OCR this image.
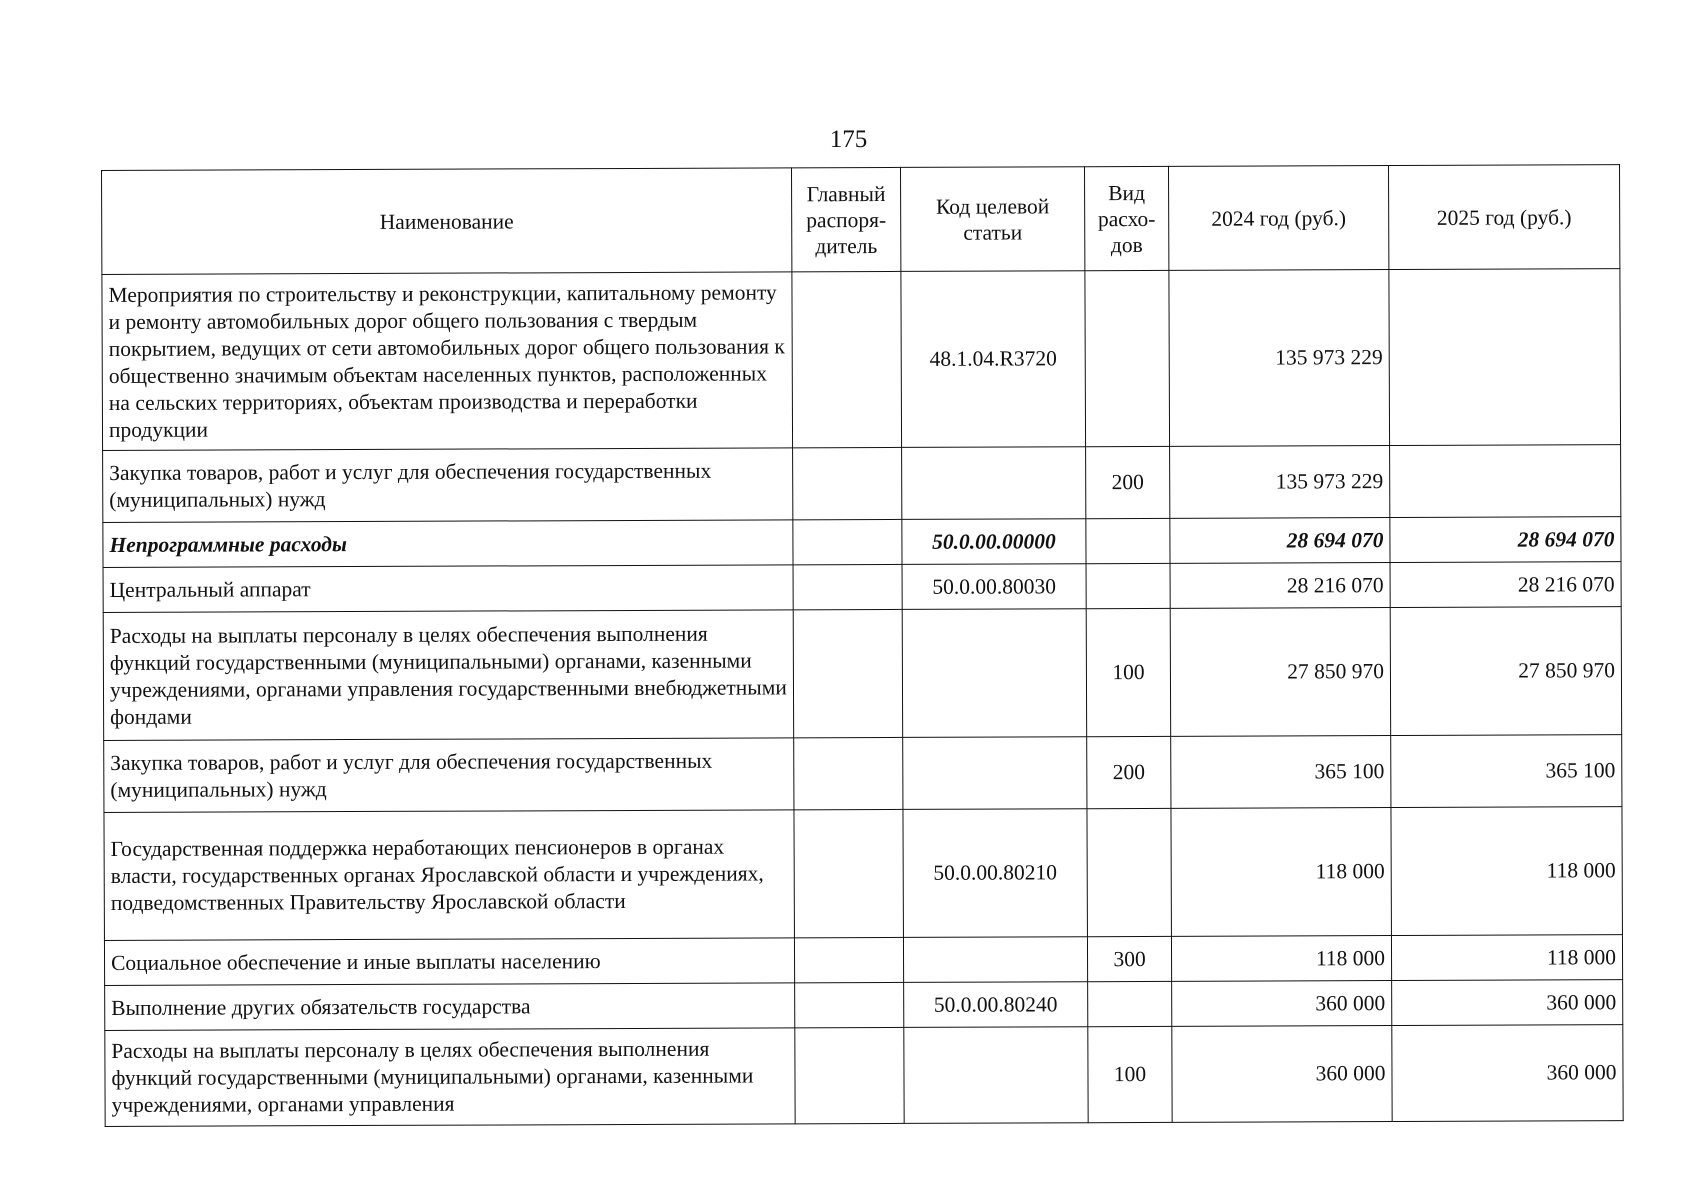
175
Наименование	Главный распоря-дитель	Код целевой статьи	Вид расхо-дов	2024 год (руб.)	2025 год (руб.)
Мероприятия по строительству и реконструкции, капитальному ремонту и ремонту автомобильных дорог общего пользования с твердым покрытием, ведущих от сети автомобильных дорог общего пользования к общественно значимым объектам населенных пунктов, расположенных на сельских территориях, объектам производства и переработки продукции		48.1.04.R3720		135 973 229	
Закупка товаров, работ и услуг для обеспечения государственных (муниципальных) нужд			200	135 973 229	
Непрограммные расходы		50.0.00.00000		28 694 070	28 694 070
Центральный аппарат		50.0.00.80030		28 216 070	28 216 070
Расходы на выплаты персоналу в целях обеспечения выполнения функций государственными (муниципальными) органами, казенными учреждениями, органами управления государственными внебюджетными фондами			100	27 850 970	27 850 970
Закупка товаров, работ и услуг для обеспечения государственных (муниципальных) нужд			200	365 100	365 100
Государственная поддержка неработающих пенсионеров в органах власти, государственных органах Ярославской области и учреждениях, подведомственных Правительству Ярославской области		50.0.00.80210		118 000	118 000
Социальное обеспечение и иные выплаты населению			300	118 000	118 000
Выполнение других обязательств государства		50.0.00.80240		360 000	360 000
Расходы на выплаты персоналу в целях обеспечения выполнения функций государственными (муниципальными) органами, казенными учреждениями, органами управления			100	360 000	360 000
